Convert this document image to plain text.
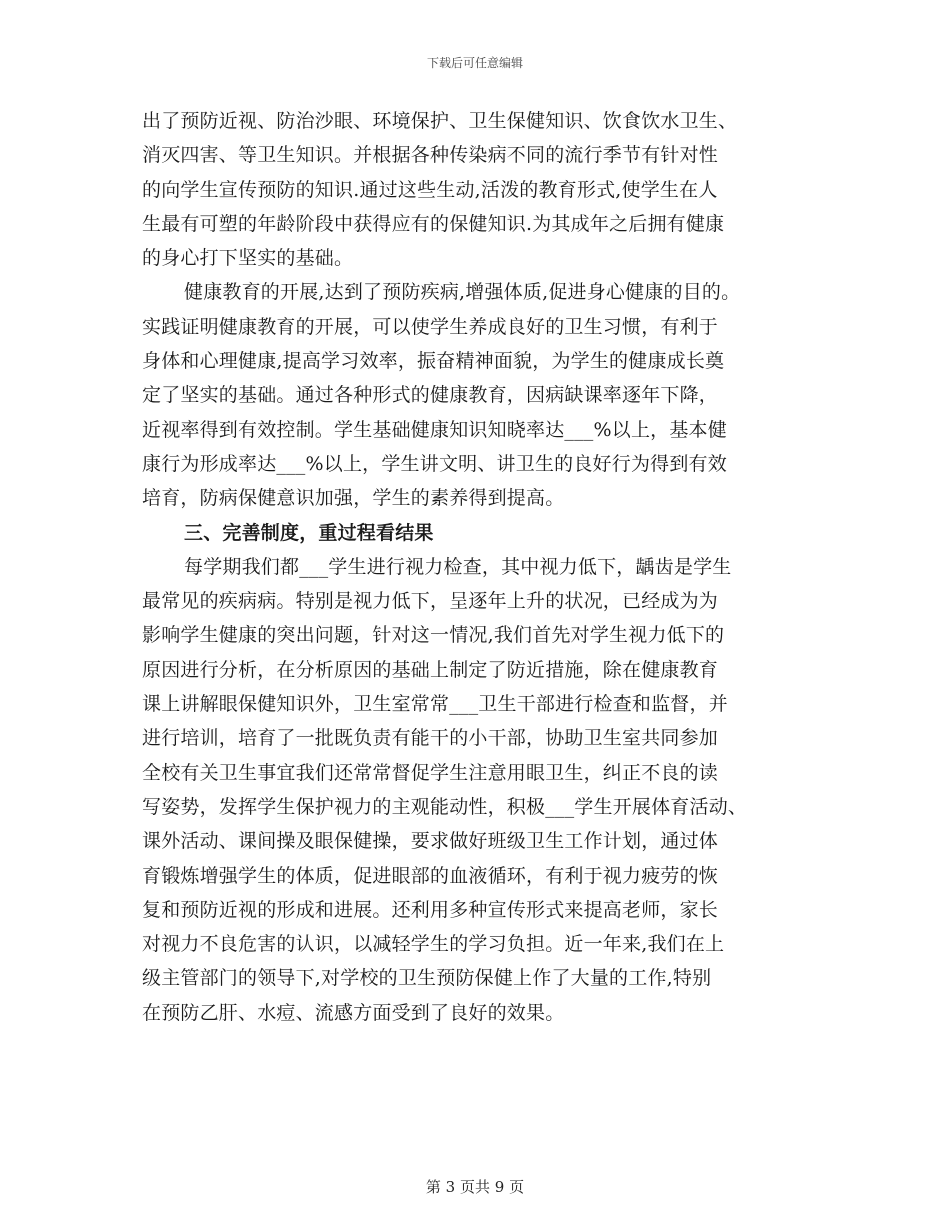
下载后可任意编辑
出了预防近视、防治沙眼、环境保护、卫生保健知识、饮食饮水卫生、
消灭四害、等卫生知识。并根据各种传染病不同的流行季节有针对性
的向学生宣传预防的知识.通过这些生动,活泼的教育形式,使学生在人
生最有可塑的年龄阶段中获得应有的保健知识.为其成年之后拥有健康
的身心打下坚实的基础。
健康教育的开展,达到了预防疾病,增强体质,促进身心健康的目的。
实践证明健康教育的开展，可以使学生养成良好的卫生习惯，有利于
身体和心理健康,提高学习效率，振奋精神面貌，为学生的健康成长奠
定了坚实的基础。通过各种形式的健康教育，因病缺课率逐年下降，
近视率得到有效控制。学生基础健康知识知晓率达___%以上，基本健
康行为形成率达___%以上，学生讲文明、讲卫生的良好行为得到有效
培育，防病保健意识加强，学生的素养得到提高。
三、完善制度，重过程看结果
每学期我们都___学生进行视力检查，其中视力低下，龋齿是学生
最常见的疾病病。特别是视力低下，呈逐年上升的状况，已经成为为
影响学生健康的突出问题，针对这一情况,我们首先对学生视力低下的
原因进行分析，在分析原因的基础上制定了防近措施，除在健康教育
课上讲解眼保健知识外，卫生室常常___卫生干部进行检查和监督，并
进行培训，培育了一批既负责有能干的小干部，协助卫生室共同参加
全校有关卫生事宜我们还常常督促学生注意用眼卫生，纠正不良的读
写姿势，发挥学生保护视力的主观能动性，积极___学生开展体育活动、
课外活动、课间操及眼保健操，要求做好班级卫生工作计划，通过体
育锻炼增强学生的体质，促进眼部的血液循环，有利于视力疲劳的恢
复和预防近视的形成和进展。还利用多种宣传形式来提高老师，家长
对视力不良危害的认识，以减轻学生的学习负担。近一年来,我们在上
级主管部门的领导下,对学校的卫生预防保健上作了大量的工作,特别
在预防乙肝、水痘、流感方面受到了良好的效果。
第 3 页共 9 页
